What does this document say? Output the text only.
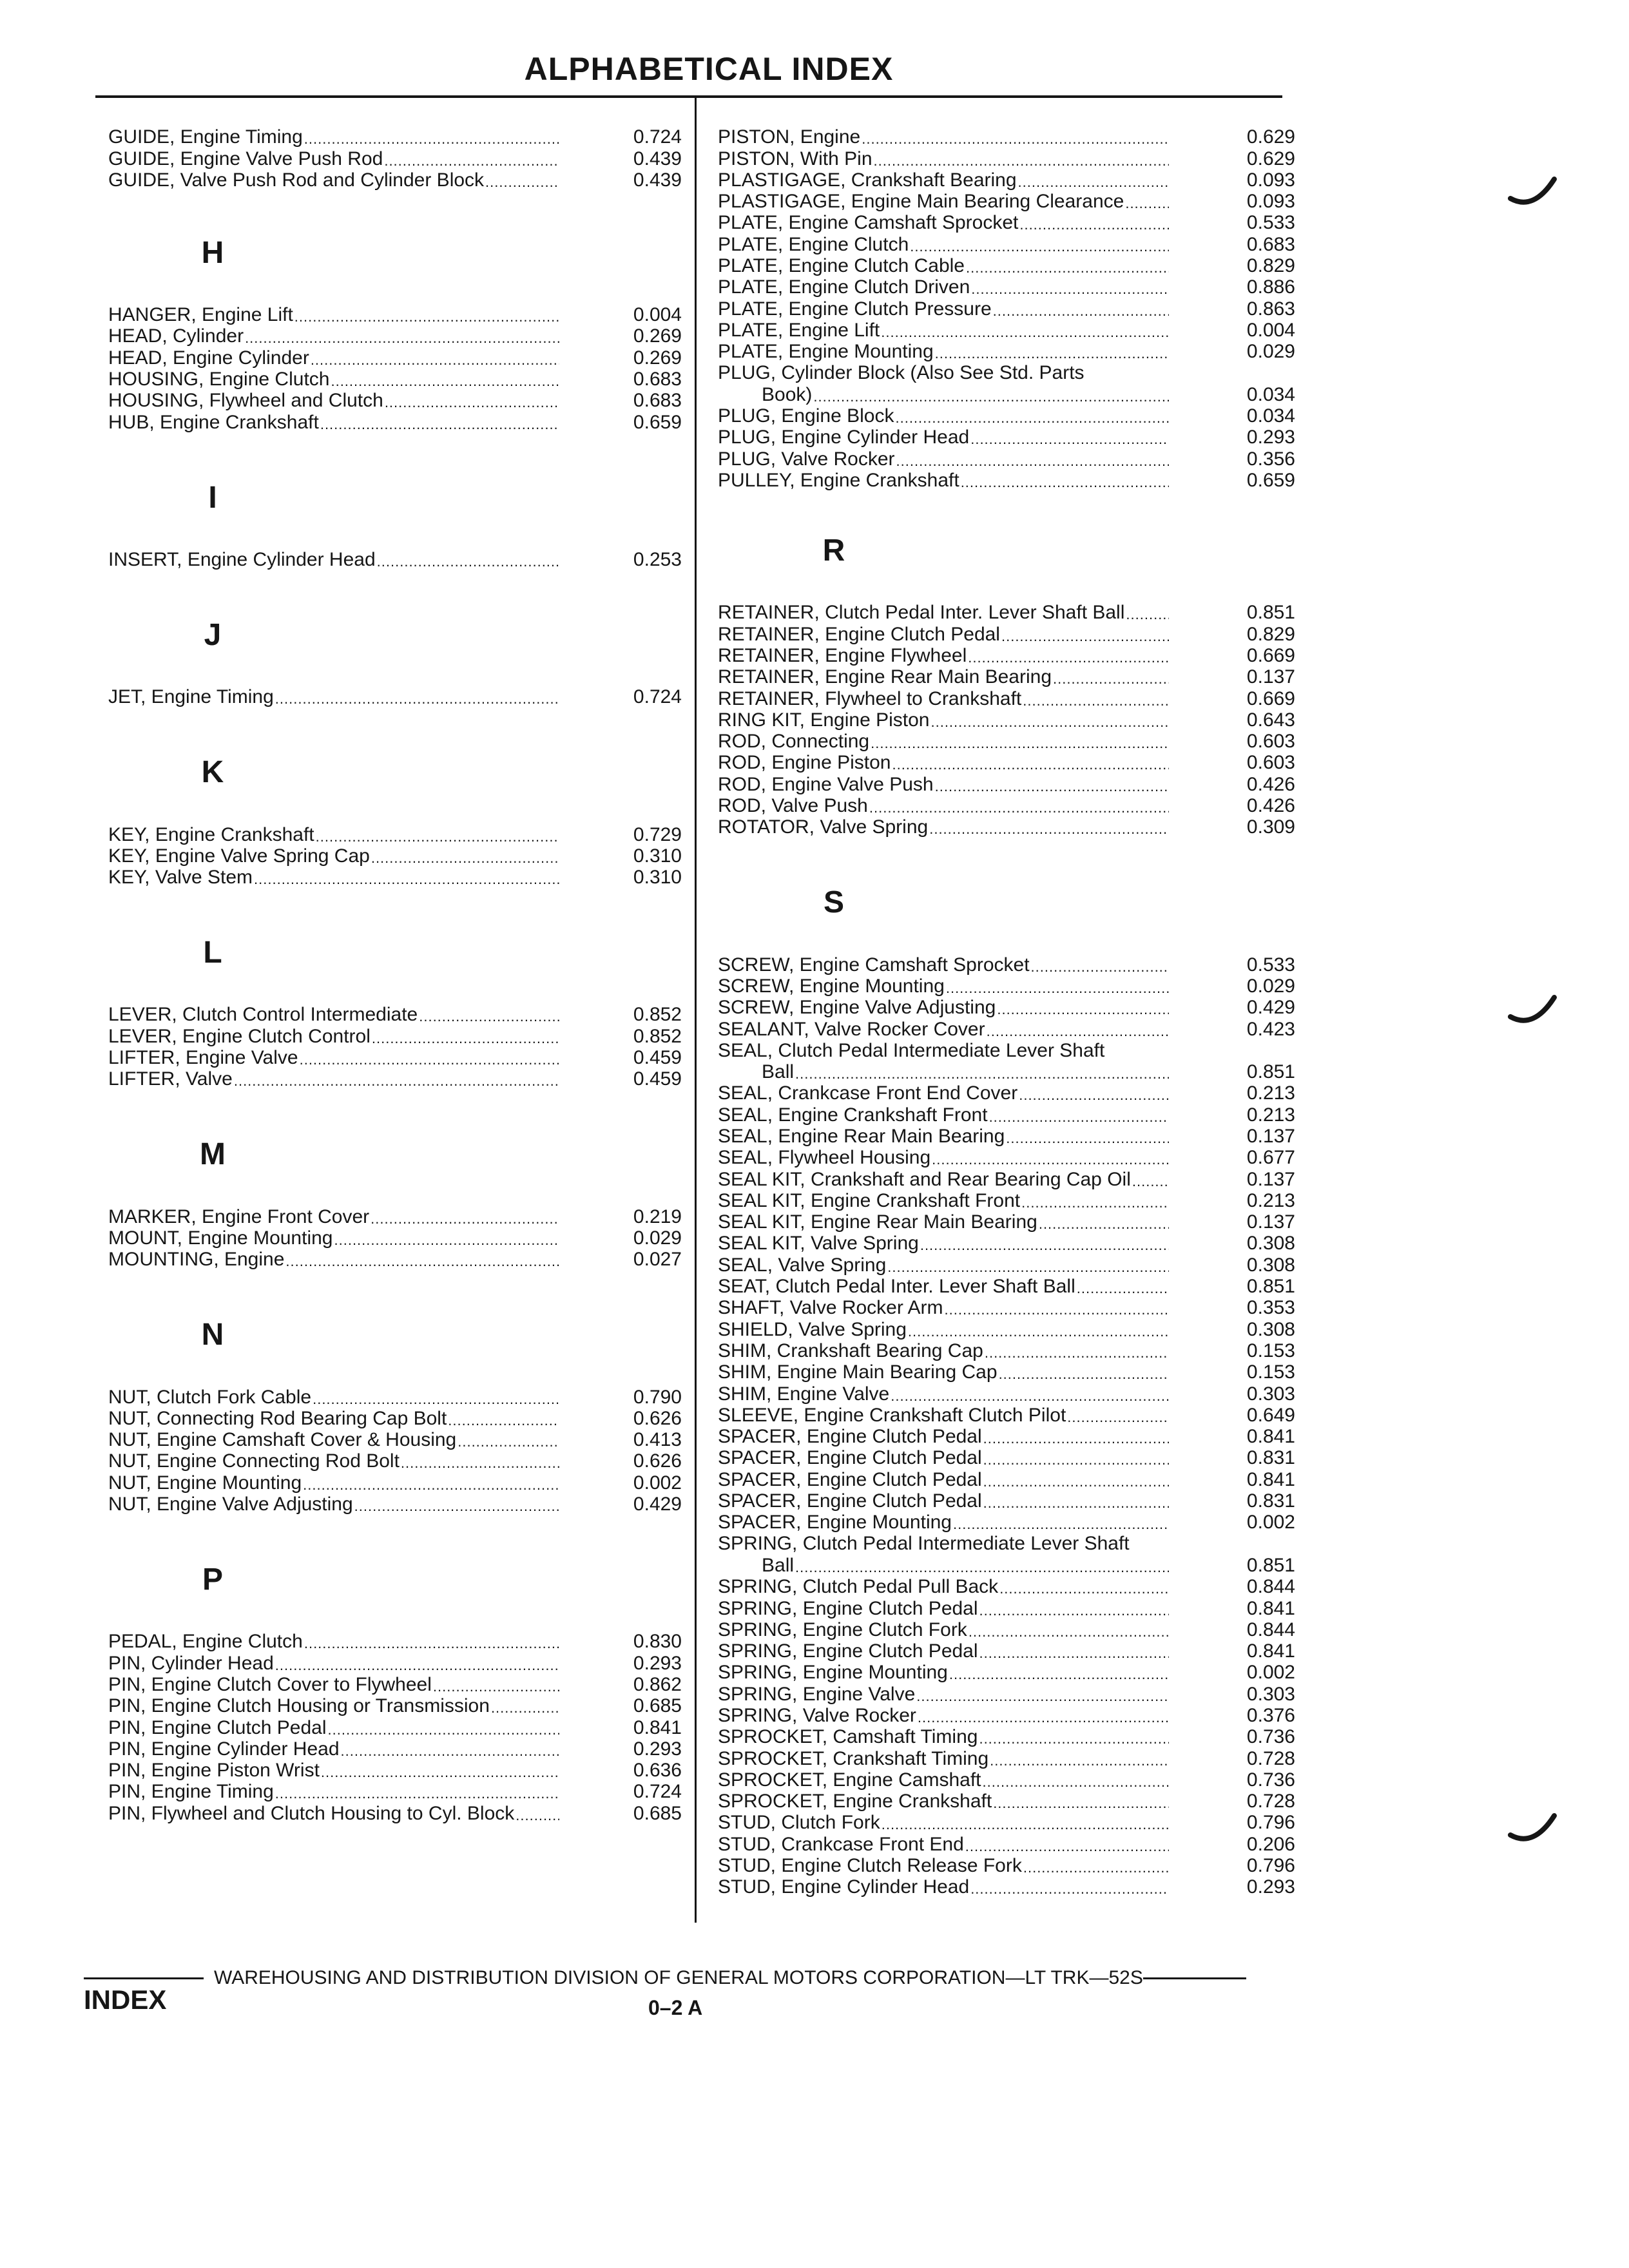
ALPHABETICAL INDEX
GUIDE, Engine Timing .....	0.724
GUIDE, Engine Valve Push Rod .....	0.439
GUIDE, Valve Push Rod and Cylinder Block .....	0.439
H
HANGER, Engine Lift .....	0.004
HEAD, Cylinder .....	0.269
HEAD, Engine Cylinder .....	0.269
HOUSING, Engine Clutch .....	0.683
HOUSING, Flywheel and Clutch .....	0.683
HUB, Engine Crankshaft .....	0.659
I
INSERT, Engine Cylinder Head .....	0.253
J
JET, Engine Timing .....	0.724
K
KEY, Engine Crankshaft .....	0.729
KEY, Engine Valve Spring Cap .....	0.310
KEY, Valve Stem .....	0.310
L
LEVER, Clutch Control Intermediate .....	0.852
LEVER, Engine Clutch Control .....	0.852
LIFTER, Engine Valve .....	0.459
LIFTER, Valve .....	0.459
M
MARKER, Engine Front Cover .....	0.219
MOUNT, Engine Mounting .....	0.029
MOUNTING, Engine .....	0.027
N
NUT, Clutch Fork Cable .....	0.790
NUT, Connecting Rod Bearing Cap Bolt .....	0.626
NUT, Engine Camshaft Cover & Housing .....	0.413
NUT, Engine Connecting Rod Bolt .....	0.626
NUT, Engine Mounting .....	0.002
NUT, Engine Valve Adjusting .....	0.429
P
PEDAL, Engine Clutch .....	0.830
PIN, Cylinder Head .....	0.293
PIN, Engine Clutch Cover to Flywheel .....	0.862
PIN, Engine Clutch Housing or Transmission .....	0.685
PIN, Engine Clutch Pedal .....	0.841
PIN, Engine Cylinder Head .....	0.293
PIN, Engine Piston Wrist .....	0.636
PIN, Engine Timing .....	0.724
PIN, Flywheel and Clutch Housing to Cyl. Block .....	0.685
PISTON, Engine .....	0.629
PISTON, With Pin .....	0.629
PLASTIGAGE, Crankshaft Bearing .....	0.093
PLASTIGAGE, Engine Main Bearing Clearance .....	0.093
PLATE, Engine Camshaft Sprocket .....	0.533
PLATE, Engine Clutch .....	0.683
PLATE, Engine Clutch Cable .....	0.829
PLATE, Engine Clutch Driven .....	0.886
PLATE, Engine Clutch Pressure .....	0.863
PLATE, Engine Lift .....	0.004
PLATE, Engine Mounting .....	0.029
PLUG, Cylinder Block (Also See Std. Parts
Book) .....	0.034
PLUG, Engine Block .....	0.034
PLUG, Engine Cylinder Head .....	0.293
PLUG, Valve Rocker .....	0.356
PULLEY, Engine Crankshaft .....	0.659
R
RETAINER, Clutch Pedal Inter. Lever Shaft Ball .....	0.851
RETAINER, Engine Clutch Pedal .....	0.829
RETAINER, Engine Flywheel .....	0.669
RETAINER, Engine Rear Main Bearing .....	0.137
RETAINER, Flywheel to Crankshaft .....	0.669
RING KIT, Engine Piston .....	0.643
ROD, Connecting .....	0.603
ROD, Engine Piston .....	0.603
ROD, Engine Valve Push .....	0.426
ROD, Valve Push .....	0.426
ROTATOR, Valve Spring .....	0.309
S
SCREW, Engine Camshaft Sprocket .....	0.533
SCREW, Engine Mounting .....	0.029
SCREW, Engine Valve Adjusting .....	0.429
SEALANT, Valve Rocker Cover .....	0.423
SEAL, Clutch Pedal Intermediate Lever Shaft
Ball .....	0.851
SEAL, Crankcase Front End Cover .....	0.213
SEAL, Engine Crankshaft Front .....	0.213
SEAL, Engine Rear Main Bearing .....	0.137
SEAL, Flywheel Housing .....	0.677
SEAL KIT, Crankshaft and Rear Bearing Cap Oil .....	0.137
SEAL KIT, Engine Crankshaft Front .....	0.213
SEAL KIT, Engine Rear Main Bearing .....	0.137
SEAL KIT, Valve Spring .....	0.308
SEAL, Valve Spring .....	0.308
SEAT, Clutch Pedal Inter. Lever Shaft Ball .....	0.851
SHAFT, Valve Rocker Arm .....	0.353
SHIELD, Valve Spring .....	0.308
SHIM, Crankshaft Bearing Cap .....	0.153
SHIM, Engine Main Bearing Cap .....	0.153
SHIM, Engine Valve .....	0.303
SLEEVE, Engine Crankshaft Clutch Pilot .....	0.649
SPACER, Engine Clutch Pedal .....	0.841
SPACER, Engine Clutch Pedal .....	0.831
SPACER, Engine Clutch Pedal .....	0.841
SPACER, Engine Clutch Pedal .....	0.831
SPACER, Engine Mounting .....	0.002
SPRING, Clutch Pedal Intermediate Lever Shaft
Ball .....	0.851
SPRING, Clutch Pedal Pull Back .....	0.844
SPRING, Engine Clutch Pedal .....	0.841
SPRING, Engine Clutch Fork .....	0.844
SPRING, Engine Clutch Pedal .....	0.841
SPRING, Engine Mounting .....	0.002
SPRING, Engine Valve .....	0.303
SPRING, Valve Rocker .....	0.376
SPROCKET, Camshaft Timing .....	0.736
SPROCKET, Crankshaft Timing .....	0.728
SPROCKET, Engine Camshaft .....	0.736
SPROCKET, Engine Crankshaft .....	0.728
STUD, Clutch Fork .....	0.796
STUD, Crankcase Front End .....	0.206
STUD, Engine Clutch Release Fork .....	0.796
STUD, Engine Cylinder Head .....	0.293
WAREHOUSING AND DISTRIBUTION DIVISION OF GENERAL MOTORS CORPORATION—LT TRK—52S
INDEX	0–2 A
